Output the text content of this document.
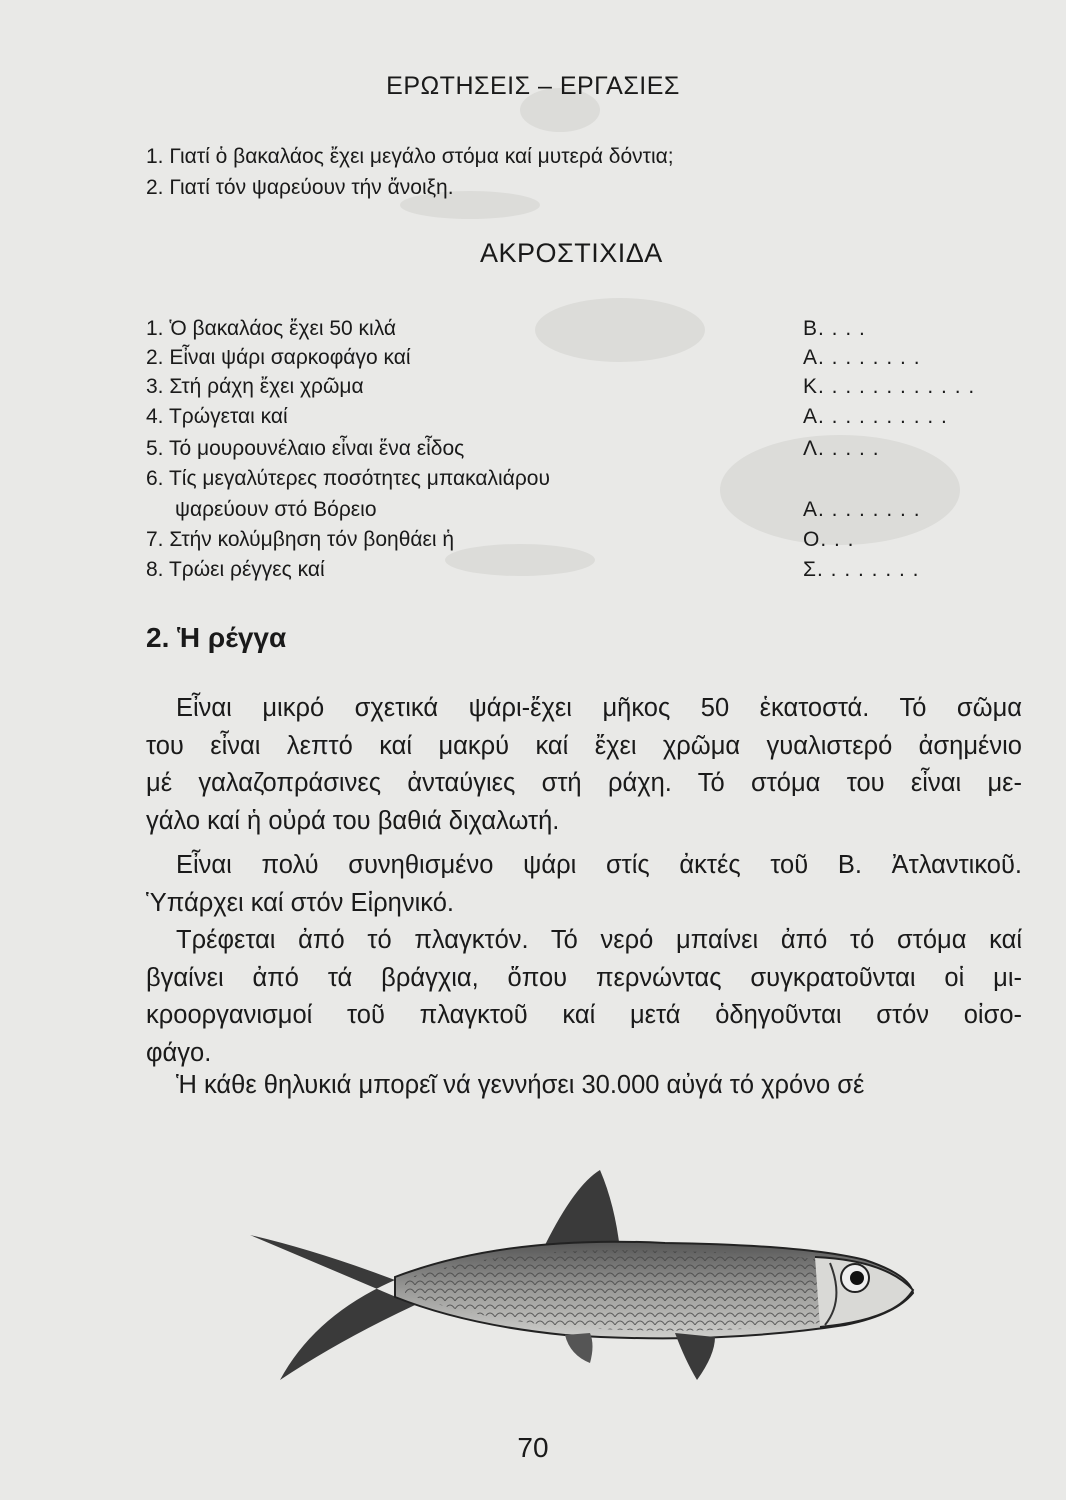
ΕΡΩΤΗΣΕΙΣ – ΕΡΓΑΣΙΕΣ
1. Γιατί ὁ βακαλάος ἔχει μεγάλο στόμα καί μυτερά δόντια;
2. Γιατί τόν ψαρεύουν τήν ἄνοιξη.
ΑΚΡΟΣΤΙΧΙΔΑ
1. Ὁ βακαλάος ἔχει 50 κιλά	Β. . . .
2. Εἶναι ψάρι σαρκοφάγο καί	Α. . . . . . . .
3. Στή ράχη ἔχει χρῶμα	Κ. . . . . . . . . . . .
4. Τρώγεται καί	Α. . . . . . . . . .
5. Τό μουρουνέλαιο εἶναι ἕνα εἶδος	Λ. . . . .
6. Τίς μεγαλύτερες ποσότητες μπακαλιάρου
ψαρεύουν στό Βόρειο	Α. . . . . . . .
7. Στήν κολύμβηση τόν βοηθάει ἡ	Ο. . .
8. Τρώει ρέγγες καί	Σ. . . . . . . .
2. Ἡ ρέγγα
Εἶναι μικρό σχετικά ψάρι-ἔχει μῆκος 50 ἑκατοστά. Τό σῶμα
του εἶναι λεπτό καί μακρύ καί ἔχει χρῶμα γυαλιστερό ἀσημένιο
μέ γαλαζοπράσινες ἀνταύγιες στή ράχη. Τό στόμα του εἶναι με-
γάλο καί ἡ οὐρά του βαθιά διχαλωτή.
Εἶναι πολύ συνηθισμένο ψάρι στίς ἀκτές τοῦ Β. Ἀτλαντικοῦ.
Ὑπάρχει καί στόν Εἰρηνικό.
Τρέφεται ἀπό τό πλαγκτόν. Τό νερό μπαίνει ἀπό τό στόμα καί
βγαίνει ἀπό τά βράγχια, ὅπου περνώντας συγκρατοῦνται οἱ μι-
κροοργανισμοί τοῦ πλαγκτοῦ καί μετά ὁδηγοῦνται στόν οἰσο-
φάγο.
Ἡ κάθε θηλυκιά μπορεῖ νά γεννήσει 30.000 αὐγά τό χρόνο σέ
70
